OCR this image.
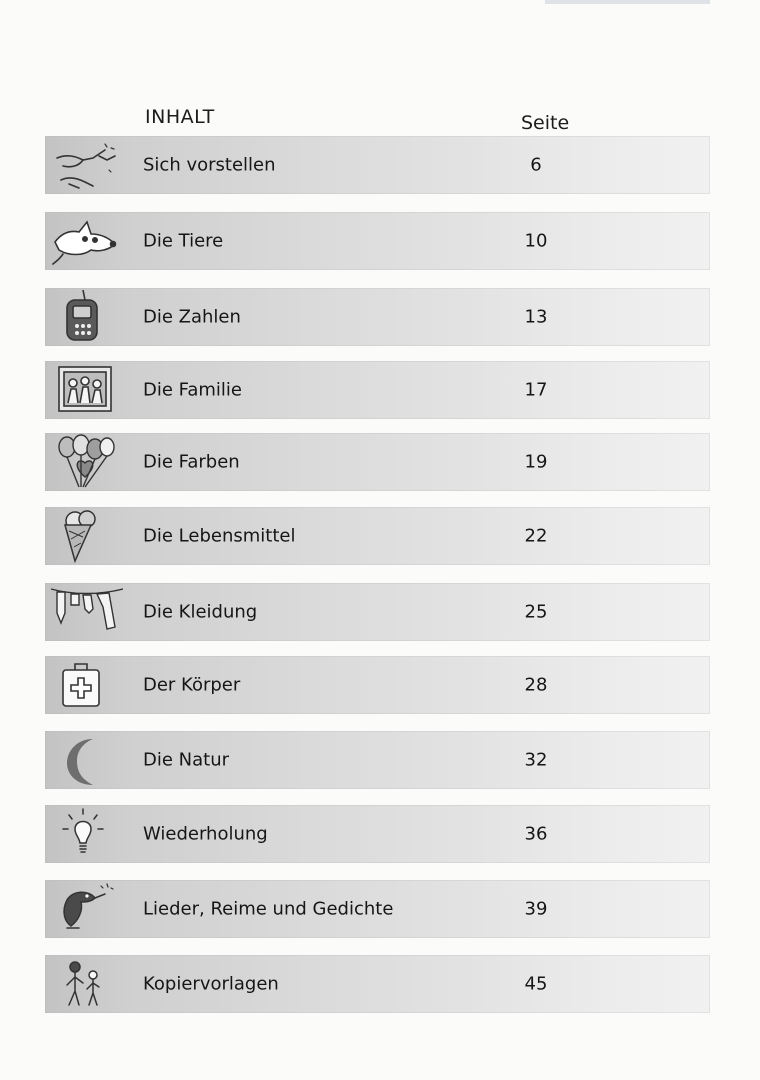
INHALT	Seite
Sich vorstellen	6
Die Tiere	10
Die Zahlen	13
Die Familie	17
Die Farben	19
Die Lebensmittel	22
Die Kleidung	25
Der Körper	28
Die Natur	32
Wiederholung	36
Lieder, Reime und Gedichte	39
Kopiervorlagen	45
